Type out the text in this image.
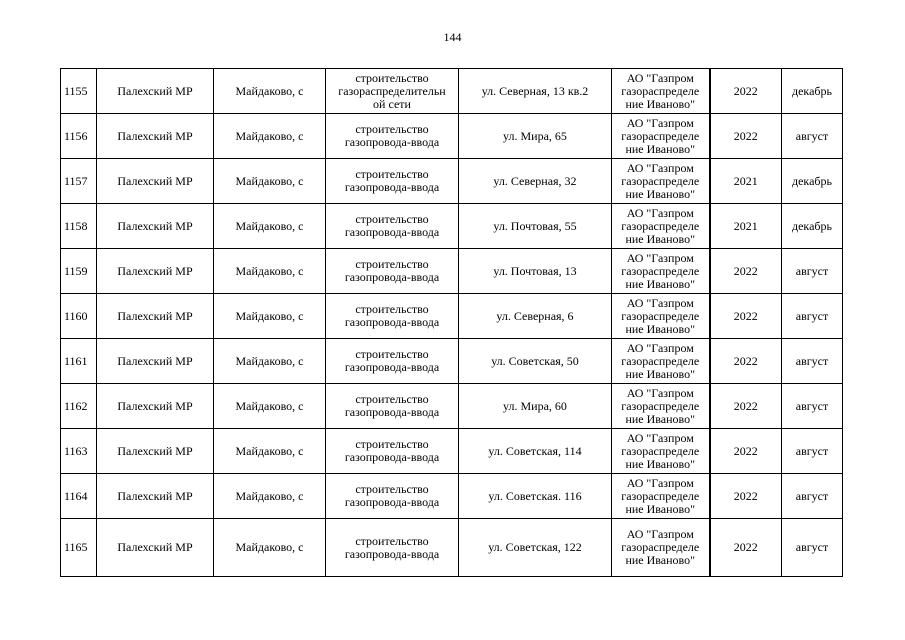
144
1155	Палехский МР	Майдаково, с	строительство
газораспределительн
ой сети	ул. Северная, 13 кв.2	АО "Газпром
газораспределе
ние Иваново"	2022	декабрь
1156	Палехский МР	Майдаково, с	строительство
газопровода-ввода	ул. Мира, 65	АО "Газпром
газораспределе
ние Иваново"	2022	август
1157	Палехский МР	Майдаково, с	строительство
газопровода-ввода	ул. Северная, 32	АО "Газпром
газораспределе
ние Иваново"	2021	декабрь
1158	Палехский МР	Майдаково, с	строительство
газопровода-ввода	ул. Почтовая, 55	АО "Газпром
газораспределе
ние Иваново"	2021	декабрь
1159	Палехский МР	Майдаково, с	строительство
газопровода-ввода	ул. Почтовая, 13	АО "Газпром
газораспределе
ние Иваново"	2022	август
1160	Палехский МР	Майдаково, с	строительство
газопровода-ввода	ул. Северная, 6	АО "Газпром
газораспределе
ние Иваново"	2022	август
1161	Палехский МР	Майдаково, с	строительство
газопровода-ввода	ул. Советская, 50	АО "Газпром
газораспределе
ние Иваново"	2022	август
1162	Палехский МР	Майдаково, с	строительство
газопровода-ввода	ул. Мира, 60	АО "Газпром
газораспределе
ние Иваново"	2022	август
1163	Палехский МР	Майдаково, с	строительство
газопровода-ввода	ул. Советская, 114	АО "Газпром
газораспределе
ние Иваново"	2022	август
1164	Палехский МР	Майдаково, с	строительство
газопровода-ввода	ул. Советская. 116	АО "Газпром
газораспределе
ние Иваново"	2022	август
1165	Палехский МР	Майдаково, с	строительство
газопровода-ввода	ул. Советская, 122	АО "Газпром
газораспределе
ние Иваново"	2022	август
